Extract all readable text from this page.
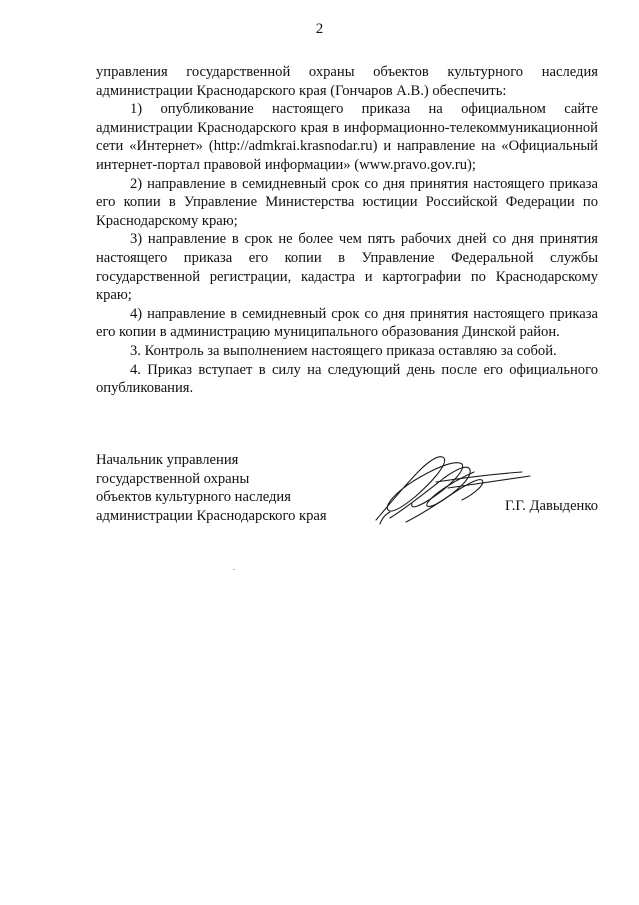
2

управления государственной охраны объектов культурного наследия администрации Краснодарского края (Гончаров А.В.) обеспечить:

1) опубликование настоящего приказа на официальном сайте администрации Краснодарского края в информационно-телекоммуникационной сети «Интернет» (http://admkrai.krasnodar.ru) и направление на «Официальный интернет-портал правовой информации» (www.pravo.gov.ru);

2) направление в семидневный срок со дня принятия настоящего приказа его копии в Управление Министерства юстиции Российской Федерации по Краснодарскому краю;

3) направление в срок не более чем пять рабочих дней со дня принятия настоящего приказа его копии в Управление Федеральной службы государственной регистрации, кадастра и картографии по Краснодарскому краю;

4) направление в семидневный срок со дня принятия настоящего приказа его копии в администрацию муниципального образования Динской район.

3. Контроль за выполнением настоящего приказа оставляю за собой.

4. Приказ вступает в силу на следующий день после его официального опубликования.

Начальник управления
государственной охраны
объектов культурного наследия
администрации Краснодарского края
Г.Г. Давыденко
